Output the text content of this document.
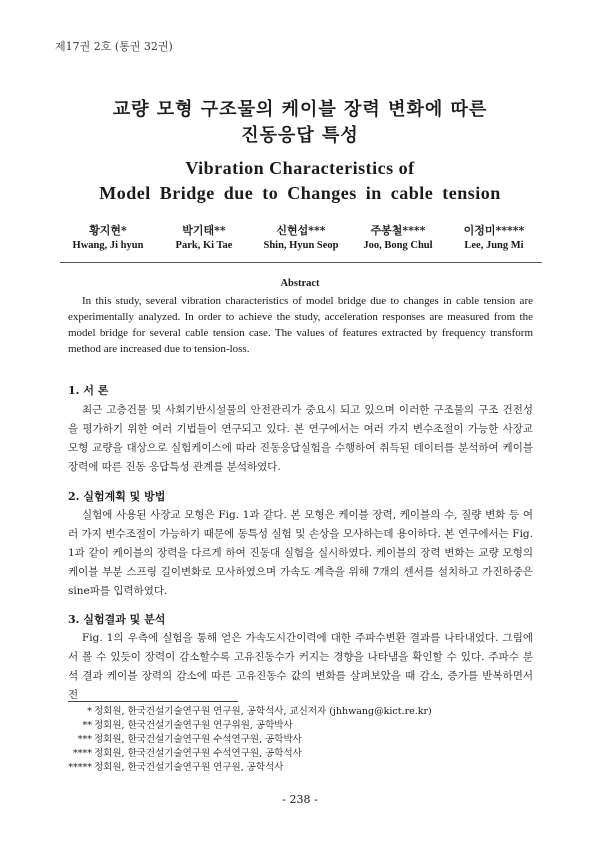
제17권 2호 (통권 32권)
교량 모형 구조물의 케이블 장력 변화에 따른
진동응답 특성
Vibration Characteristics of
Model Bridge due to Changes in cable tension
황지현*
Hwang, Ji hyun
박기태**
Park, Ki Tae
신현섭***
Shin, Hyun Seop
주봉철****
Joo, Bong Chul
이정미*****
Lee, Jung Mi
Abstract
In this study, several vibration characteristics of model bridge due to changes in cable tension are experimentally analyzed. In order to achieve the study, acceleration responses are measured from the model bridge for several cable tension case. The values of features extracted by frequency transform method are increased due to tension-loss.
1. 서 론
최근 고층건물 및 사회기반시설물의 안전관리가 중요시 되고 있으며 이러한 구조물의 구조 건전성을 평가하기 위한 여러 기법들이 연구되고 있다. 본 연구에서는 여러 가지 변수조절이 가능한 사장교 모형 교량을 대상으로 실험케이스에 따라 진동응답실험을 수행하여 취득된 데이터를 분석하여 케이블장력에 따른 진동 응답특성 관계를 분석하였다.
2. 실험계획 및 방법
실험에 사용된 사장교 모형은 Fig. 1과 같다. 본 모형은 케이블 장력, 케이블의 수, 질량 변화 등 여러 가지 변수조절이 가능하기 때문에 동특성 실험 및 손상을 모사하는데 용이하다. 본 연구에서는 Fig. 1과 같이 케이블의 장력을 다르게 하여 진동대 실험을 실시하였다. 케이블의 장력 변화는 교량 모형의 케이블 부분 스프링 길이변화로 모사하였으며 가속도 계측을 위해 7개의 센서를 설치하고 가진하중은 sine파를 입력하였다.
3. 실험결과 및 분석
Fig. 1의 우측에 실험을 통해 얻은 가속도시간이력에 대한 주파수변환 결과를 나타내었다. 그림에서 볼 수 있듯이 장력이 감소할수록 고유진동수가 커지는 경향을 나타냄을 확인할 수 있다. 주파수 분석 결과 케이블 장력의 감소에 따른 고유진동수 값의 변화를 살펴보았을 때 감소, 증가를 반복하면서 전
* 정회원, 한국건설기술연구원 연구원, 공학석사, 교신저자 (jhhwang@kict.re.kr)
** 정회원, 한국건설기술연구원 연구위원, 공학박사
*** 정회원, 한국건설기술연구원 수석연구원, 공학박사
**** 정회원, 한국건설기술연구원 수석연구원, 공학석사
***** 정회원, 한국건설기술연구원 연구원, 공학석사
- 238 -
